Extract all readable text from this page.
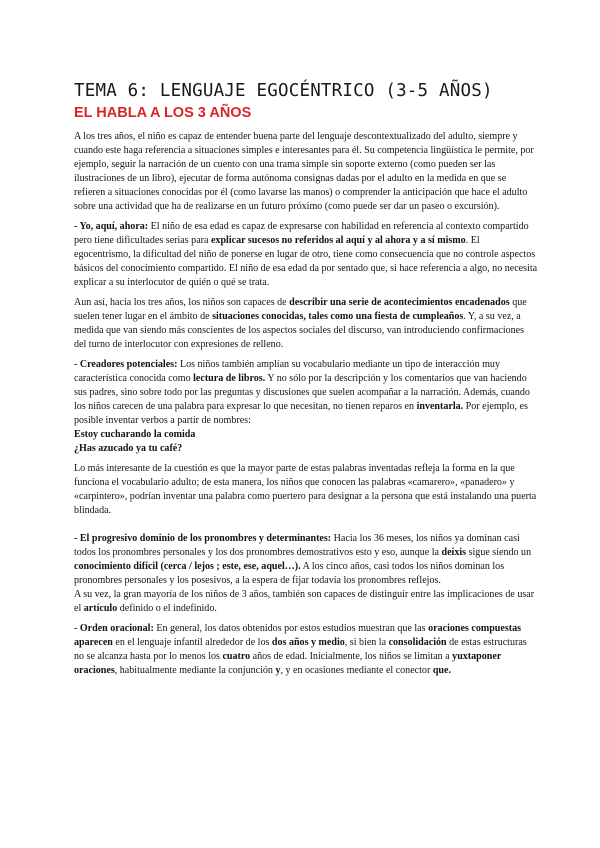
TEMA 6: LENGUAJE EGOCÉNTRICO (3-5 AÑOS)
EL HABLA A LOS 3 AÑOS

A los tres años, el niño es capaz de entender buena parte del lenguaje descontextualizado del adulto, siempre y cuando este haga referencia a situaciones simples e interesantes para él. Su competencia lingüística le permite, por ejemplo, seguir la narración de un cuento con una trama simple sin soporte externo (como pueden ser las ilustraciones de un libro), ejecutar de forma autónoma consignas dadas por el adulto en la medida en que se refieren a situaciones conocidas por él (como lavarse las manos) o comprender la anticipación que hace el adulto sobre una actividad que ha de realizarse en un futuro próximo (como puede ser dar un paseo o excursión).

- Yo, aquí, ahora: El niño de esa edad es capaz de expresarse con habilidad en referencia al contexto compartido pero tiene dificultades serias para explicar sucesos no referidos al aquí y al ahora y a sí mismo. El egocentrismo, la dificultad del niño de ponerse en lugar de otro, tiene como consecuencia que no controle aspectos básicos del conocimiento compartido. El niño de esa edad da por sentado que, si hace referencia a algo, no necesita explicar a su interlocutor de quién o qué se trata.

Aun así, hacia los tres años, los niños son capaces de describir una serie de acontecimientos encadenados que suelen tener lugar en el ámbito de situaciones conocidas, tales como una fiesta de cumpleaños. Y, a su vez, a medida que van siendo más conscientes de los aspectos sociales del discurso, van introduciendo confirmaciones del turno de interlocutor con expresiones de relleno.

- Creadores potenciales: Los niños también amplían su vocabulario mediante un tipo de interacción muy característica conocida como lectura de libros. Y no sólo por la descripción y los comentarios que van haciendo sus padres, sino sobre todo por las preguntas y discusiones que suelen acompañar a la narración. Además, cuando los niños carecen de una palabra para expresar lo que necesitan, no tienen reparos en inventarla. Por ejemplo, es posible inventar verbos a partir de nombres:

Estoy cucharando la comida

¿Has azucado ya tu café?

Lo más interesante de la cuestión es que la mayor parte de estas palabras inventadas refleja la forma en la que funciona el vocabulario adulto; de esta manera, los niños que conocen las palabras «camarero», «panadero» y «carpintero», podrían inventar una palabra como puertero para designar a la persona que está instalando una puerta blindada.

- El progresivo dominio de los pronombres y determinantes: Hacia los 36 meses, los niños ya dominan casi todos los pronombres personales y los dos pronombres demostrativos esto y eso, aunque la deixis sigue siendo un conocimiento difícil (cerca / lejos ; este, ese, aquel…). A los cinco años, casi todos los niños dominan los pronombres personales y los posesivos, a la espera de fijar todavía los pronombres reflejos.

A su vez, la gran mayoría de los niños de 3 años, también son capaces de distinguir entre las implicaciones de usar el artículo definido o el indefinido.

- Orden oracional: En general, los datos obtenidos por estos estudios muestran que las oraciones compuestas aparecen en el lenguaje infantil alrededor de los dos años y medio, si bien la consolidación de estas estructuras no se alcanza hasta por lo menos los cuatro años de edad. Inicialmente, los niños se limitan a yuxtaponer oraciones, habitualmente mediante la conjunción y, y en ocasiones mediante el conector que.
